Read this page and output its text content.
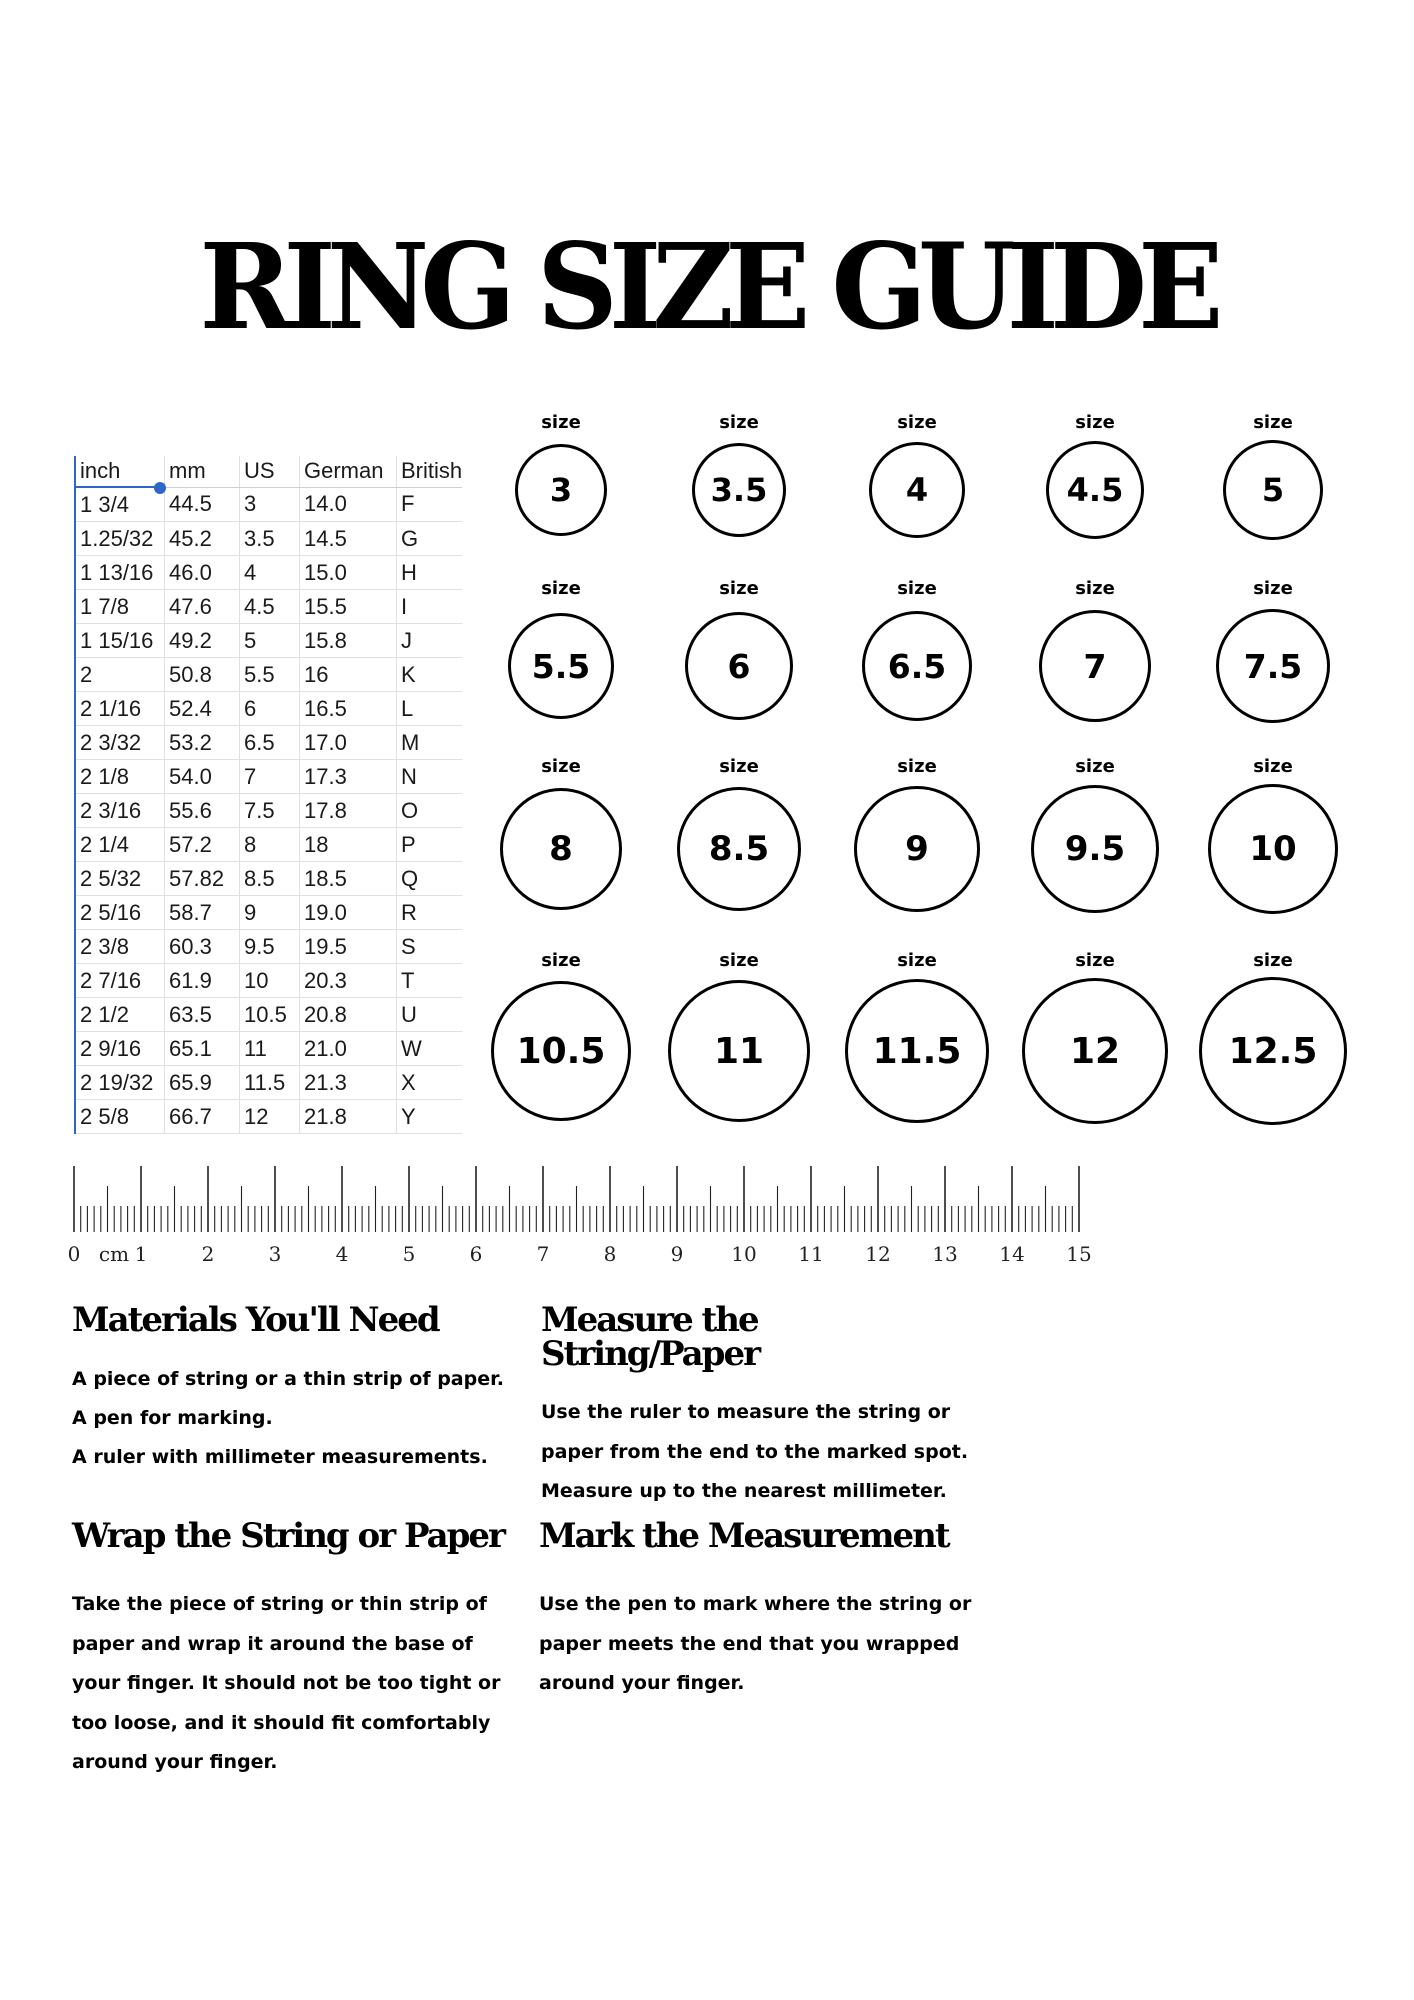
RING SIZE GUIDE
inch	mm	US	German	British
1 3/4	44.5	3	14.0	F
1.25/32	45.2	3.5	14.5	G
1 13/16	46.0	4	15.0	H
1 7/8	47.6	4.5	15.5	I
1 15/16	49.2	5	15.8	J
2	50.8	5.5	16	K
2 1/16	52.4	6	16.5	L
2 3/32	53.2	6.5	17.0	M
2 1/8	54.0	7	17.3	N
2 3/16	55.6	7.5	17.8	O
2 1/4	57.2	8	18	P
2 5/32	57.82	8.5	18.5	Q
2 5/16	58.7	9	19.0	R
2 3/8	60.3	9.5	19.5	S
2 7/16	61.9	10	20.3	T
2 1/2	63.5	10.5	20.8	U
2 9/16	65.1	11	21.0	W
2 19/32	65.9	11.5	21.3	X
2 5/8	66.7	12	21.8	Y
size
3
size
3.5
size
4
size
4.5
size
5
size
5.5
size
6
size
6.5
size
7
size
7.5
size
8
size
8.5
size
9
size
9.5
size
10
size
10.5
size
11
size
11.5
size
12
size
12.5
0 cm 1	2	3	4	5	6	7	8	9 10 11 12 13 14 15
Materials You'll Need
A piece of string or a thin strip of paper.
A pen for marking.
A ruler with millimeter measurements.
Measure the String/Paper

Use the ruler to measure the string or
paper from the end to the marked spot.
Measure up to the nearest millimeter.

Wrap the String or Paper

Take the piece of string or thin strip of
paper and wrap it around the base of
your finger. It should not be too tight or
too loose, and it should fit comfortably
around your finger.

Mark the Measurement

Use the pen to mark where the string or
paper meets the end that you wrapped
around your finger.
